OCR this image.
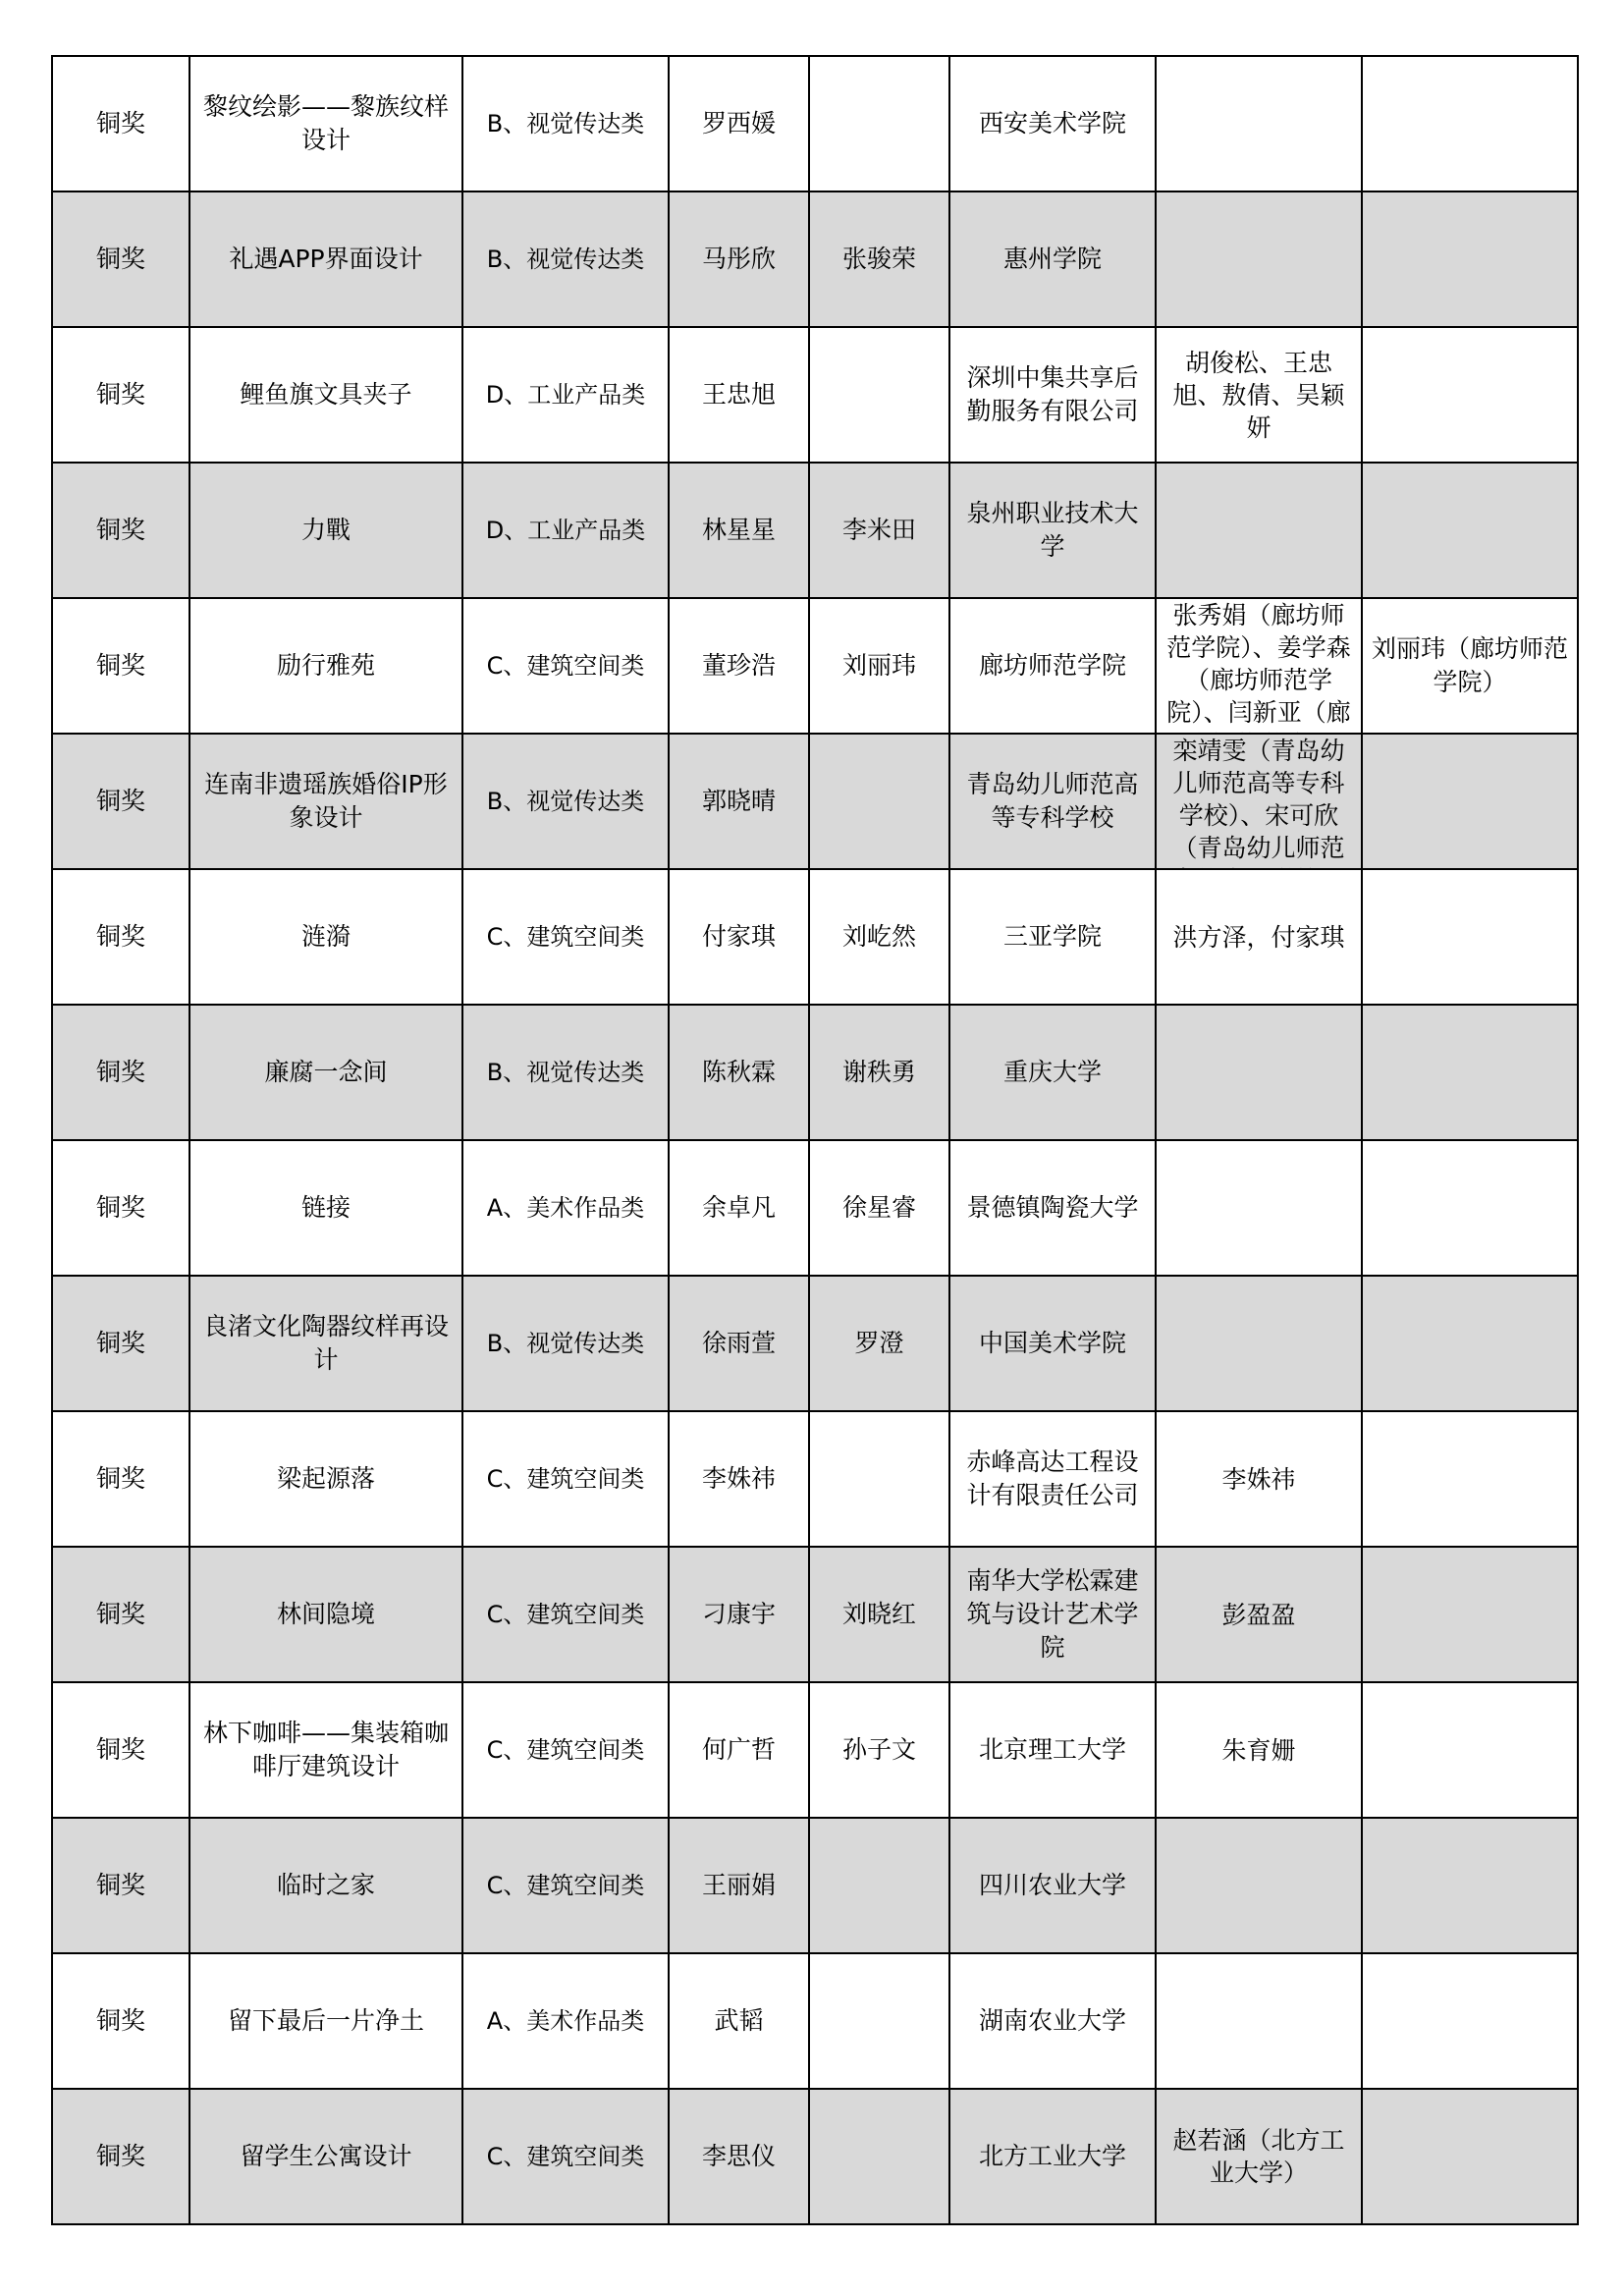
铜奖	黎纹绘影——黎族纹样设计	B、视觉传达类	罗西媛		西安美术学院		

铜奖	礼遇APP界面设计	B、视觉传达类	马彤欣	张骏荣	惠州学院		

铜奖	鲤鱼旗文具夹子	D、工业产品类	王忠旭		深圳中集共享后勤服务有限公司	胡俊松、王忠旭、敖倩、吴颖妍	

铜奖	力戰	D、工业产品类	林星星	李米田	泉州职业技术大学		

铜奖	励行雅苑	C、建筑空间类	董珍浩	刘丽玮	廊坊师范学院	张秀娟（廊坊师范学院）、姜学森（廊坊师范学院）、闫新亚（廊	刘丽玮（廊坊师范学院）

铜奖	连南非遗瑶族婚俗IP形象设计	B、视觉传达类	郭晓晴		青岛幼儿师范高等专科学校	栾靖雯（青岛幼儿师范高等专科学校）、宋可欣（青岛幼儿师范	

铜奖	涟漪	C、建筑空间类	付家琪	刘屹然	三亚学院	洪方泽，付家琪	

铜奖	廉腐一念间	B、视觉传达类	陈秋霖	谢秩勇	重庆大学		

铜奖	链接	A、美术作品类	余卓凡	徐星睿	景德镇陶瓷大学		

铜奖	良渚文化陶器纹样再设计	B、视觉传达类	徐雨萱	罗澄	中国美术学院		

铜奖	梁起源落	C、建筑空间类	李姝祎		赤峰高达工程设计有限责任公司	李姝祎	

铜奖	林间隐境	C、建筑空间类	刁康宇	刘晓红	南华大学松霖建筑与设计艺术学院	彭盈盈	

铜奖	林下咖啡——集装箱咖啡厅建筑设计	C、建筑空间类	何广哲	孙子文	北京理工大学	朱育姗	

铜奖	临时之家	C、建筑空间类	王丽娟		四川农业大学		

铜奖	留下最后一片净土	A、美术作品类	武韬		湖南农业大学		

铜奖	留学生公寓设计	C、建筑空间类	李思仪		北方工业大学	赵若涵（北方工业大学）	
